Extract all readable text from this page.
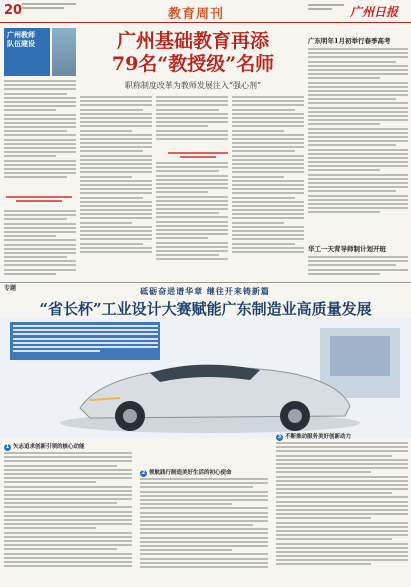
20	教育周刊	广州日报
广州教师
队伍建设	广州基础教育再添
79名“教授级”名师
职称制度改革为教师发展注入“强心剂”
广东明年1月初举行春季高考
华工一天背导师制计划开班
专题	砥砺奋进谱华章 继往开来铸新篇
“省长杯”工业设计大赛赋能广东制造业高质量发展
1 矢志追求创新引领的核心动能
2 领航践行制造美好生活的初心使命
3 不断推动服务美好创新动力
